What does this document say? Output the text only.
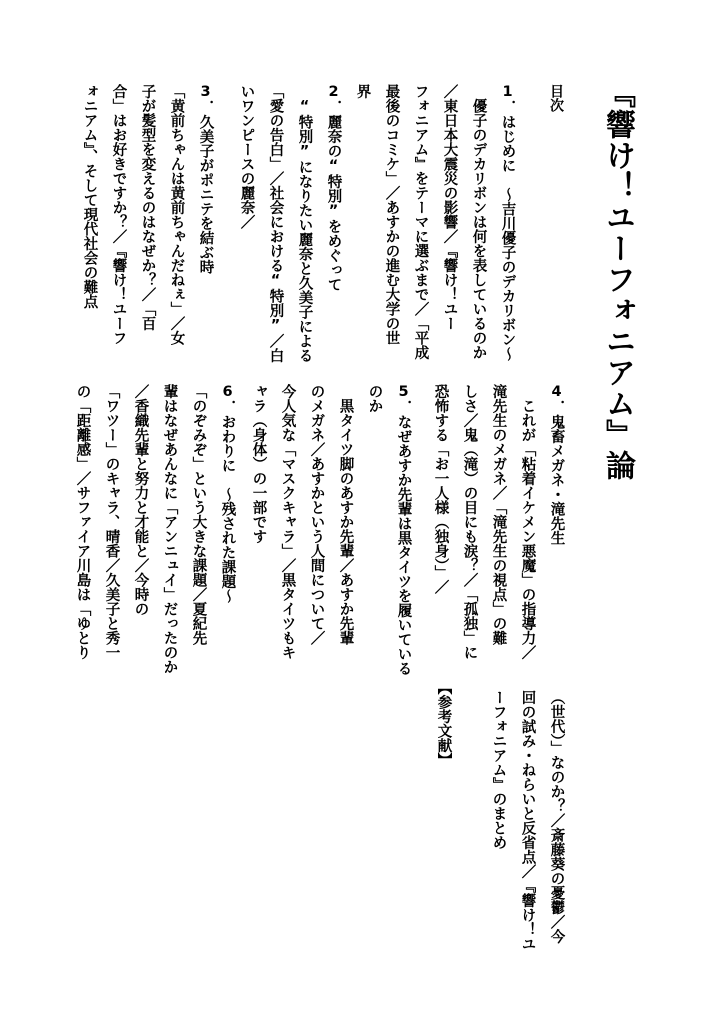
『響け！ユーフォニアム』論
目次
1．はじめに　～吉川優子のデカリボン～
　優子のデカリボンは何を表しているのか
／東日本大震災の影響／『響け！ユー
フォニアム』をテーマに選ぶまで／「平成
最後のコミケ」／あすかの進む大学の世
界
2．麗奈の“特別”をめぐって
　“特別”になりたい麗奈と久美子による
「愛の告白」／社会における“特別”／白
いワンピースの麗奈／
3．久美子がポニテを結ぶ時
「黄前ちゃんは黄前ちゃんだねぇ」／女
子が髪型を変えるのはなぜか？／「百
合」はお好きですか？／『響け！ユーフ
ォニアム』、そして現代社会の難点
4．鬼畜メガネ・滝先生
　これが「粘着イケメン悪魔」の指導力／
滝先生のメガネ／「滝先生の視点」の難
しさ／鬼（滝）の目にも涙？／「孤独」に
恐怖する「お一人様（独身）」／
5．なぜあすか先輩は黒タイツを履いている
のか
　黒タイツ脚のあすか先輩／あすか先輩
のメガネ／あすかという人間について／
今人気な「マスクキャラ」／黒タイツもキ
ャラ（身体）の一部です
6．おわりに　～残された課題～
「のぞみぞ」という大きな課題／夏紀先
輩はなぜあんなに「アンニュイ」だったのか
／香織先輩と努力と才能と／今時の
「ワツー」のキャラ、晴香／久美子と秀一
の「距離感」／サファイア川島は「ゆとり
（世代）」なのか？／斎藤葵の憂鬱／今
回の試み・ねらいと反省点／『響け！ユ
ーフォニアム』のまとめ
【参考文献】
